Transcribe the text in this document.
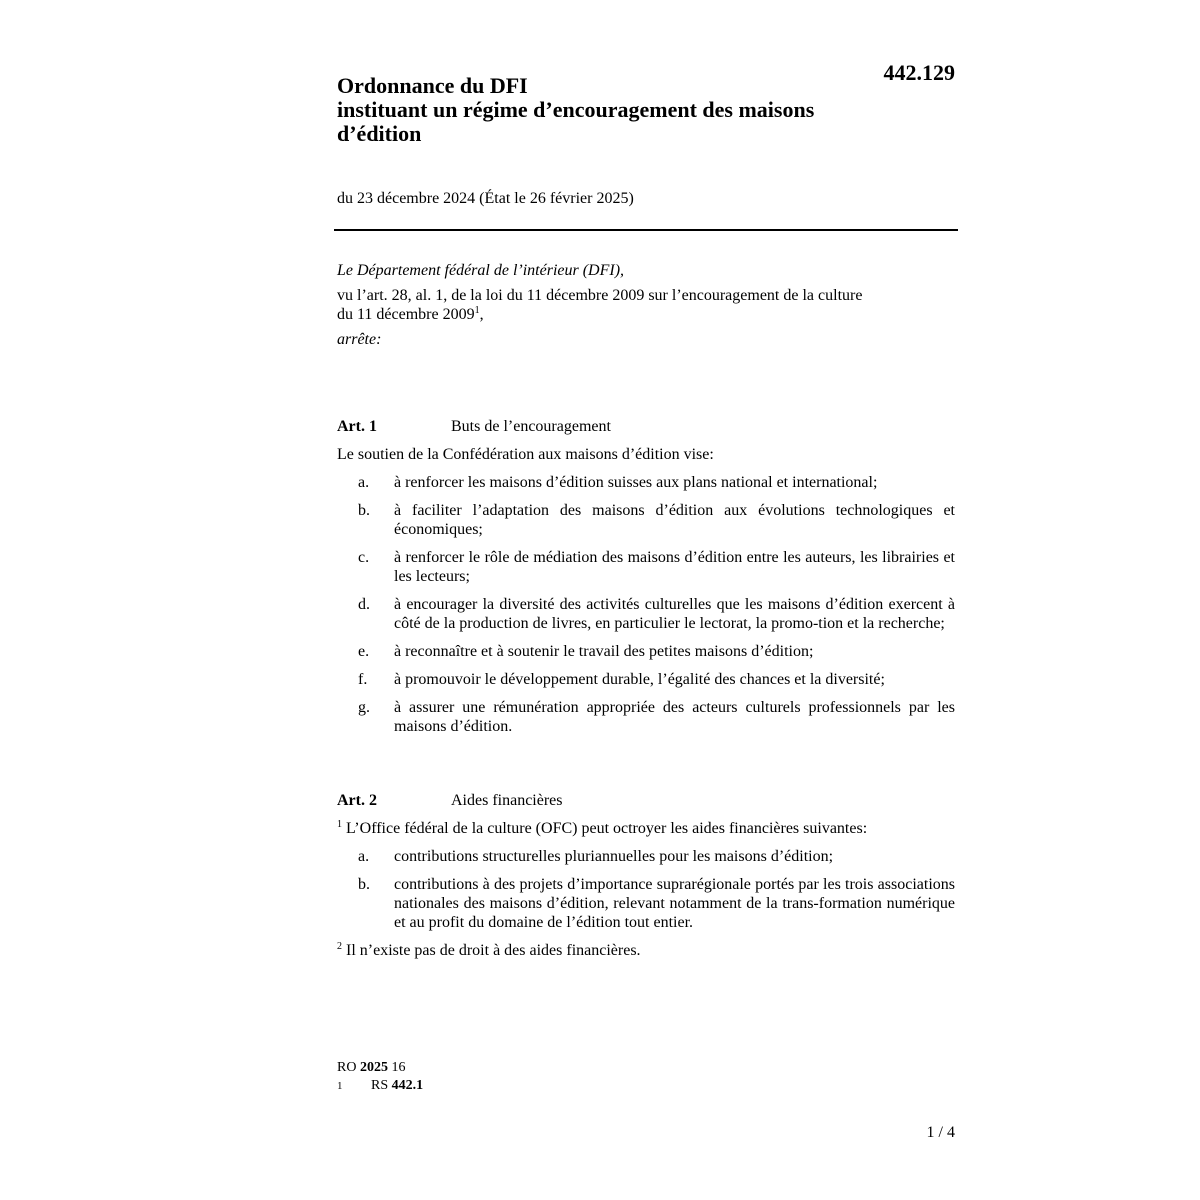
442.129
Ordonnance du DFI
instituant un régime d’encouragement des maisons
d’édition
du 23 décembre 2024 (État le 26 février 2025)
Le Département fédéral de l’intérieur (DFI),
vu l’art. 28, al. 1, de la loi du 11 décembre 2009 sur l’encouragement de la culture
du 11 décembre 2009$^1$,
arrête:
Art. 1	Buts de l’encouragement
Le soutien de la Confédération aux maisons d’édition vise:
a.	à renforcer les maisons d’édition suisses aux plans national et international;
b.	à faciliter l’adaptation des maisons d’édition aux évolutions technologiques et économiques;
c.	à renforcer le rôle de médiation des maisons d’édition entre les auteurs, les librairies et les lecteurs;
d.	à encourager la diversité des activités culturelles que les maisons d’édition exercent à côté de la production de livres, en particulier le lectorat, la promo-tion et la recherche;
e.	à reconnaître et à soutenir le travail des petites maisons d’édition;
f.	à promouvoir le développement durable, l’égalité des chances et la diversité;
g.	à assurer une rémunération appropriée des acteurs culturels professionnels par les maisons d’édition.
Art. 2	Aides financières
$^1$ L’Office fédéral de la culture (OFC) peut octroyer les aides financières suivantes:
a.	contributions structurelles pluriannuelles pour les maisons d’édition;
b.	contributions à des projets d’importance suprarégionale portés par les trois associations nationales des maisons d’édition, relevant notamment de la trans-formation numérique et au profit du domaine de l’édition tout entier.
$^2$ Il n’existe pas de droit à des aides financières.
RO 2025 16
1	RS 442.1
1 / 4
